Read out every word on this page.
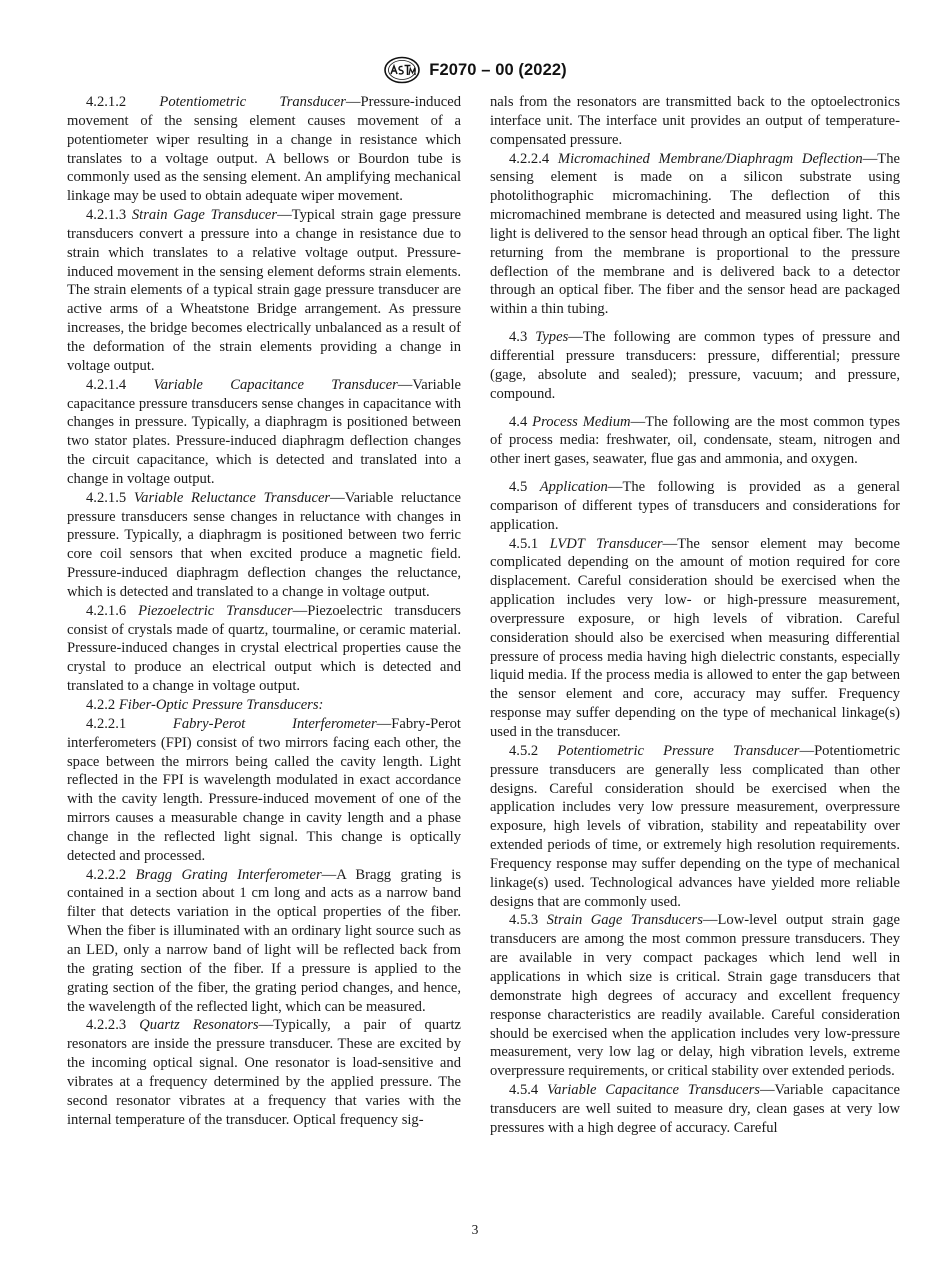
F2070 – 00 (2022)

4.2.1.2 Potentiometric Transducer—Pressure-induced movement of the sensing element causes movement of a potentiometer wiper resulting in a change in resistance which translates to a voltage output. A bellows or Bourdon tube is commonly used as the sensing element. An amplifying mechanical linkage may be used to obtain adequate wiper movement.

4.2.1.3 Strain Gage Transducer—Typical strain gage pressure transducers convert a pressure into a change in resistance due to strain which translates to a relative voltage output. Pressure-induced movement in the sensing element deforms strain elements. The strain elements of a typical strain gage pressure transducer are active arms of a Wheatstone Bridge arrangement. As pressure increases, the bridge becomes electrically unbalanced as a result of the deformation of the strain elements providing a change in voltage output.

4.2.1.4 Variable Capacitance Transducer—Variable capacitance pressure transducers sense changes in capacitance with changes in pressure. Typically, a diaphragm is positioned between two stator plates. Pressure-induced diaphragm deflection changes the circuit capacitance, which is detected and translated into a change in voltage output.

4.2.1.5 Variable Reluctance Transducer—Variable reluctance pressure transducers sense changes in reluctance with changes in pressure. Typically, a diaphragm is positioned between two ferric core coil sensors that when excited produce a magnetic field. Pressure-induced diaphragm deflection changes the reluctance, which is detected and translated to a change in voltage output.

4.2.1.6 Piezoelectric Transducer—Piezoelectric transducers consist of crystals made of quartz, tourmaline, or ceramic material. Pressure-induced changes in crystal electrical properties cause the crystal to produce an electrical output which is detected and translated to a change in voltage output.

4.2.2 Fiber-Optic Pressure Transducers:

4.2.2.1	Fabry-Perot Interferometer—Fabry-Perot interferometers (FPI) consist of two mirrors facing each other, the space between the mirrors being called the cavity length. Light reflected in the FPI is wavelength modulated in exact accordance with the cavity length. Pressure-induced movement of one of the mirrors causes a measurable change in cavity length and a phase change in the reflected light signal. This change is optically detected and processed.

4.2.2.2 Bragg Grating Interferometer—A Bragg grating is contained in a section about 1 cm long and acts as a narrow band filter that detects variation in the optical properties of the fiber. When the fiber is illuminated with an ordinary light source such as an LED, only a narrow band of light will be reflected back from the grating section of the fiber. If a pressure is applied to the grating section of the fiber, the grating period changes, and hence, the wavelength of the reflected light, which can be measured.

4.2.2.3 Quartz Resonators—Typically, a pair of quartz resonators are inside the pressure transducer. These are excited by the incoming optical signal. One resonator is load-sensitive and vibrates at a frequency determined by the applied pressure. The second resonator vibrates at a frequency that varies with the internal temperature of the transducer. Optical frequency sig-

nals from the resonators are transmitted back to the optoelectronics interface unit. The interface unit provides an output of temperature-compensated pressure.

4.2.2.4 Micromachined Membrane/Diaphragm Deflection—The sensing element is made on a silicon substrate using photolithographic micromachining. The deflection of this micromachined membrane is detected and measured using light. The light is delivered to the sensor head through an optical fiber. The light returning from the membrane is proportional to the pressure deflection of the membrane and is delivered back to a detector through an optical fiber. The fiber and the sensor head are packaged within a thin tubing.

4.3 Types—The following are common types of pressure and differential pressure transducers: pressure, differential; pressure (gage, absolute and sealed); pressure, vacuum; and pressure, compound.

4.4 Process Medium—The following are the most common types of process media: freshwater, oil, condensate, steam, nitrogen and other inert gases, seawater, flue gas and ammonia, and oxygen.

4.5 Application—The following is provided as a general comparison of different types of transducers and considerations for application.

4.5.1 LVDT Transducer—The sensor element may become complicated depending on the amount of motion required for core displacement. Careful consideration should be exercised when the application includes very low- or high-pressure measurement, overpressure exposure, or high levels of vibration. Careful consideration should also be exercised when measuring differential pressure of process media having high dielectric constants, especially liquid media. If the process media is allowed to enter the gap between the sensor element and core, accuracy may suffer. Frequency response may suffer depending on the type of mechanical linkage(s) used in the transducer.

4.5.2 Potentiometric Pressure Transducer—Potentiometric pressure transducers are generally less complicated than other designs. Careful consideration should be exercised when the application includes very low pressure measurement, overpressure exposure, high levels of vibration, stability and repeatability over extended periods of time, or extremely high resolution requirements. Frequency response may suffer depending on the type of mechanical linkage(s) used. Technological advances have yielded more reliable designs that are commonly used.

4.5.3 Strain Gage Transducers—Low-level output strain gage transducers are among the most common pressure transducers. They are available in very compact packages which lend well in applications in which size is critical. Strain gage transducers that demonstrate high degrees of accuracy and excellent frequency response characteristics are readily available. Careful consideration should be exercised when the application includes very low-pressure measurement, very low lag or delay, high vibration levels, extreme overpressure requirements, or critical stability over extended periods.

4.5.4 Variable Capacitance Transducers—Variable capacitance transducers are well suited to measure dry, clean gases at very low pressures with a high degree of accuracy. Careful

3
